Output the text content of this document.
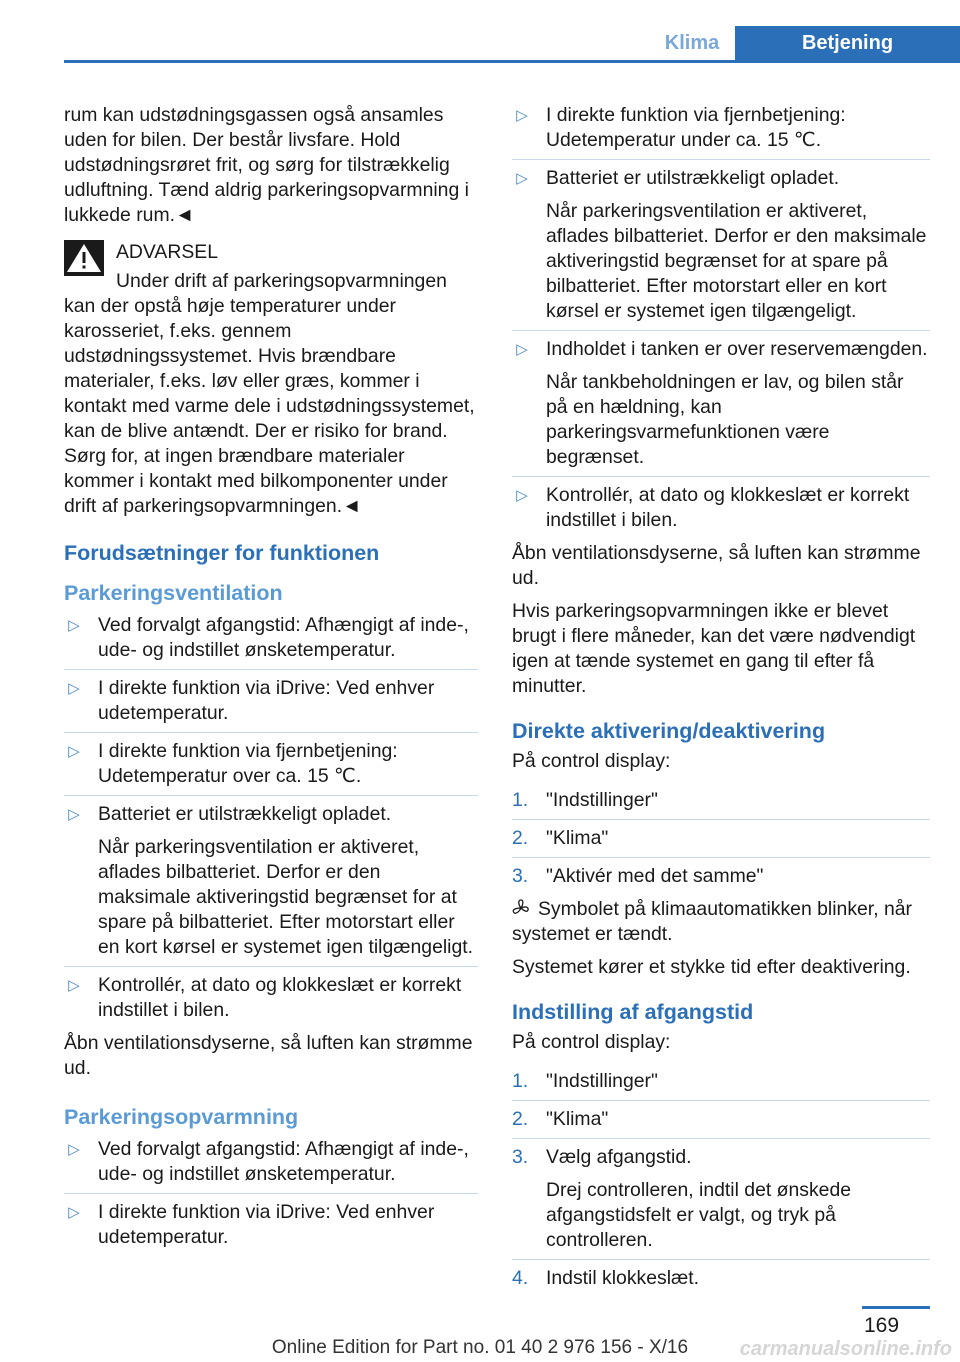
Klima	Betjening

rum kan udstødningsgassen også ansamles uden for bilen. Der består livsfare. Hold udstødningsrøret frit, og sørg for tilstrækkelig udluftning. Tænd aldrig parkeringsopvarmning i lukkede rum.◄

ADVARSEL

Under drift af parkeringsopvarmningen

kan der opstå høje temperaturer under karosseriet, f.eks. gennem udstødningssystemet. Hvis brændbare materialer, f.eks. løv eller græs, kommer i kontakt med varme dele i udstødningssystemet, kan de blive antændt. Der er risiko for brand. Sørg for, at ingen brændbare materialer kommer i kontakt med bilkomponenter under drift af parkeringsopvarmningen.◄

Forudsætninger for funktionen
Parkeringsventilation
▷ Ved forvalgt afgangstid: Afhængigt af inde-, ude- og indstillet ønsketemperatur.
▷ I direkte funktion via iDrive: Ved enhver udetemperatur.
▷ I direkte funktion via fjernbetjening: Udetemperatur over ca. 15 ℃.
▷ Batteriet er utilstrækkeligt opladet.

Når parkeringsventilation er aktiveret, aflades bilbatteriet. Derfor er den maksimale aktiveringstid begrænset for at spare på bilbatteriet. Efter motorstart eller en kort kørsel er systemet igen tilgængeligt.

▷ Kontrollér, at dato og klokkeslæt er korrekt indstillet i bilen.

Åbn ventilationsdyserne, så luften kan strømme ud.

Parkeringsopvarmning
▷ Ved forvalgt afgangstid: Afhængigt af inde-, ude- og indstillet ønsketemperatur.
▷ I direkte funktion via iDrive: Ved enhver udetemperatur.
▷ I direkte funktion via fjernbetjening: Udetemperatur under ca. 15 ℃.
▷ Batteriet er utilstrækkeligt opladet.

Når parkeringsventilation er aktiveret, aflades bilbatteriet. Derfor er den maksimale aktiveringstid begrænset for at spare på bilbatteriet. Efter motorstart eller en kort kørsel er systemet igen tilgængeligt.

▷ Indholdet i tanken er over reservemængden.

Når tankbeholdningen er lav, og bilen står på en hældning, kan parkeringsvarmefunktionen være begrænset.

▷ Kontrollér, at dato og klokkeslæt er korrekt indstillet i bilen.

Åbn ventilationsdyserne, så luften kan strømme ud.

Hvis parkeringsopvarmningen ikke er blevet brugt i flere måneder, kan det være nødvendigt igen at tænde systemet en gang til efter få minutter.

Direkte aktivering/deaktivering

På control display:

1. "Indstillinger"
2. "Klima"
3. "Aktivér med det samme"

Symbolet på klimaautomatikken blinker, når systemet er tændt.

Systemet kører et stykke tid efter deaktivering.

Indstilling af afgangstid

På control display:

1. "Indstillinger"
2. "Klima"
3. Vælg afgangstid.

Drej controlleren, indtil det ønskede afgangstidsfelt er valgt, og tryk på controlleren.

4. Indstil klokkeslæt.
169
Online Edition for Part no. 01 40 2 976 156 - X/16	carmanualsonline.info
